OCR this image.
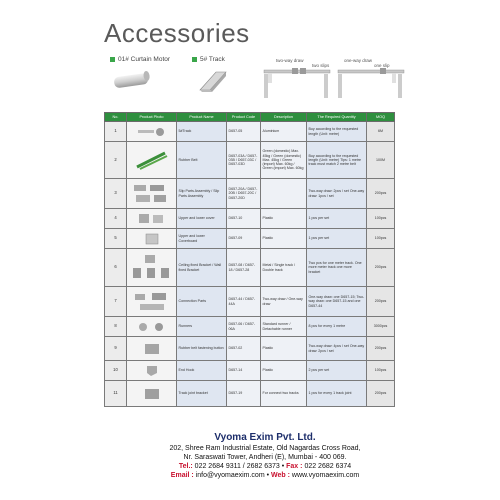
Accessories
01# Curtain Motor	5# Track	two-way draw
two slips
one-way draw
one slip
No.	Product Photo	Product Name	Product Code	Description	The Required Quantity	MOQ
1		5#Track	D657-05	Aluminium	Buy according to the requested length (Unit: metre)	6M
2		Rubber Belt	D657-03A / D657-03B / D657-03C / D657-03D	Green (domestic) Max. 45kg / Green (domestic) Max. 45kg / Green (import) Max. 60kg / Green (import) Max. 60kg	Buy according to the requested length (Unit: metre) Tips: 1 metre track must match 2 metre belt	100M
3		Slip Parts Assembly / Slip Parts Assembly	D657-20A / D657-20B / D657-20C / D657-20D		Two-way draw: 2pcs / set One-way draw: 1pcs / set	200pcs
4		Upper and lower cover	D657-10	Plastic	1 pcs per set	100pcs
5		Upper and lower Coverboard	D657-09	Plastic	1 pcs per set	100pcs
6		Ceiling fixed Bracket / Wall fixed Bracket	D657-08 / D657-18 / D657-28	Metal / Single track / Double track	Two pcs for one meter track. One more meter track one more bracket	200pcs
7		Connection Parts	D657-44 / D657-44A	Two-way draw / One-way draw	One-way draw: one D657-15; Two-way draw: one D657-15 and one D657-44	200pcs
8		Runners	D657-06 / D657-06A	Standard runner / Detachable runner	8 pcs for every 1 metre	3000pcs
9		Rubber belt fastening button	D657-02	Plastic	Two-way draw: 4pcs / set One-way draw: 2pcs / set	200pcs
10		End Hook	D657-14	Plastic	2 pcs per set	100pcs
11		Track joint bracket	D657-19	For connect two tracks	1 pcs for every 1 track joint	200pcs
Vyoma Exim Pvt. Ltd.
202, Shree Ram Industrial Estate, Old Nagardas Cross Road,
Nr. Saraswati Tower, Andheri (E), Mumbai - 400 069.
Tel.: 022 2684 9311 / 2682 6373 • Fax : 022 2682 6374
Email : info@vyomaexim.com • Web : www.vyomaexim.com
